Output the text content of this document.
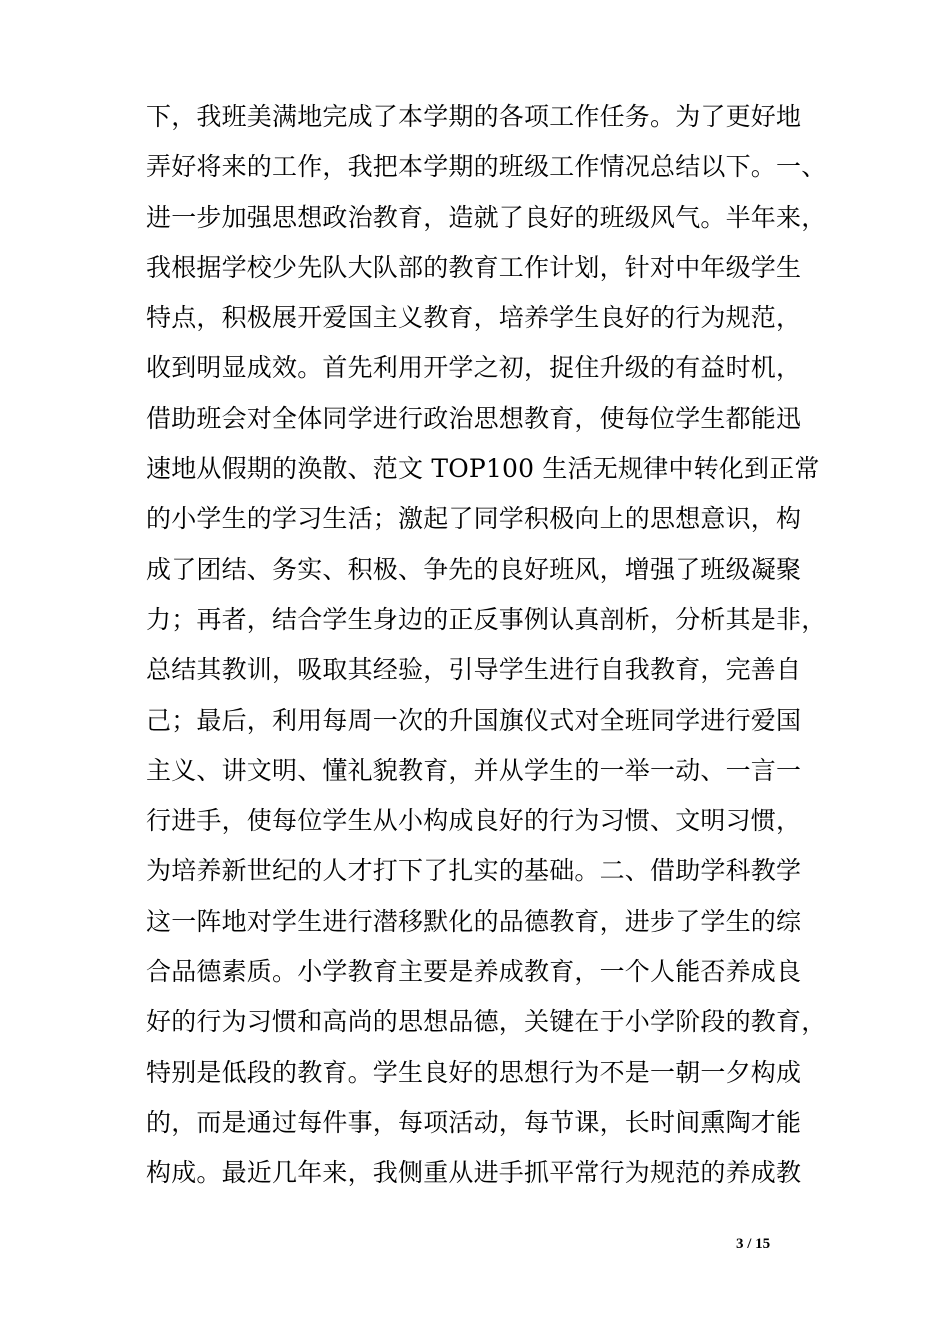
下，我班美满地完成了本学期的各项工作任务。为了更好地
弄好将来的工作，我把本学期的班级工作情况总结以下。一、
进一步加强思想政治教育，造就了良好的班级风气。半年来，
我根据学校少先队大队部的教育工作计划，针对中年级学生
特点，积极展开爱国主义教育，培养学生良好的行为规范，
收到明显成效。首先利用开学之初，捉住升级的有益时机，
借助班会对全体同学进行政治思想教育，使每位学生都能迅
速地从假期的涣散、范文 TOP100 生活无规律中转化到正常
的小学生的学习生活；激起了同学积极向上的思想意识，构
成了团结、务实、积极、争先的良好班风，增强了班级凝聚
力；再者，结合学生身边的正反事例认真剖析，分析其是非，
总结其教训，吸取其经验，引导学生进行自我教育，完善自
己；最后，利用每周一次的升国旗仪式对全班同学进行爱国
主义、讲文明、懂礼貌教育，并从学生的一举一动、一言一
行进手，使每位学生从小构成良好的行为习惯、文明习惯，
为培养新世纪的人才打下了扎实的基础。二、借助学科教学
这一阵地对学生进行潜移默化的品德教育，进步了学生的综
合品德素质。小学教育主要是养成教育，一个人能否养成良
好的行为习惯和高尚的思想品德，关键在于小学阶段的教育，
特别是低段的教育。学生良好的思想行为不是一朝一夕构成
的，而是通过每件事，每项活动，每节课，长时间熏陶才能
构成。最近几年来，我侧重从进手抓平常行为规范的养成教
3 / 15
